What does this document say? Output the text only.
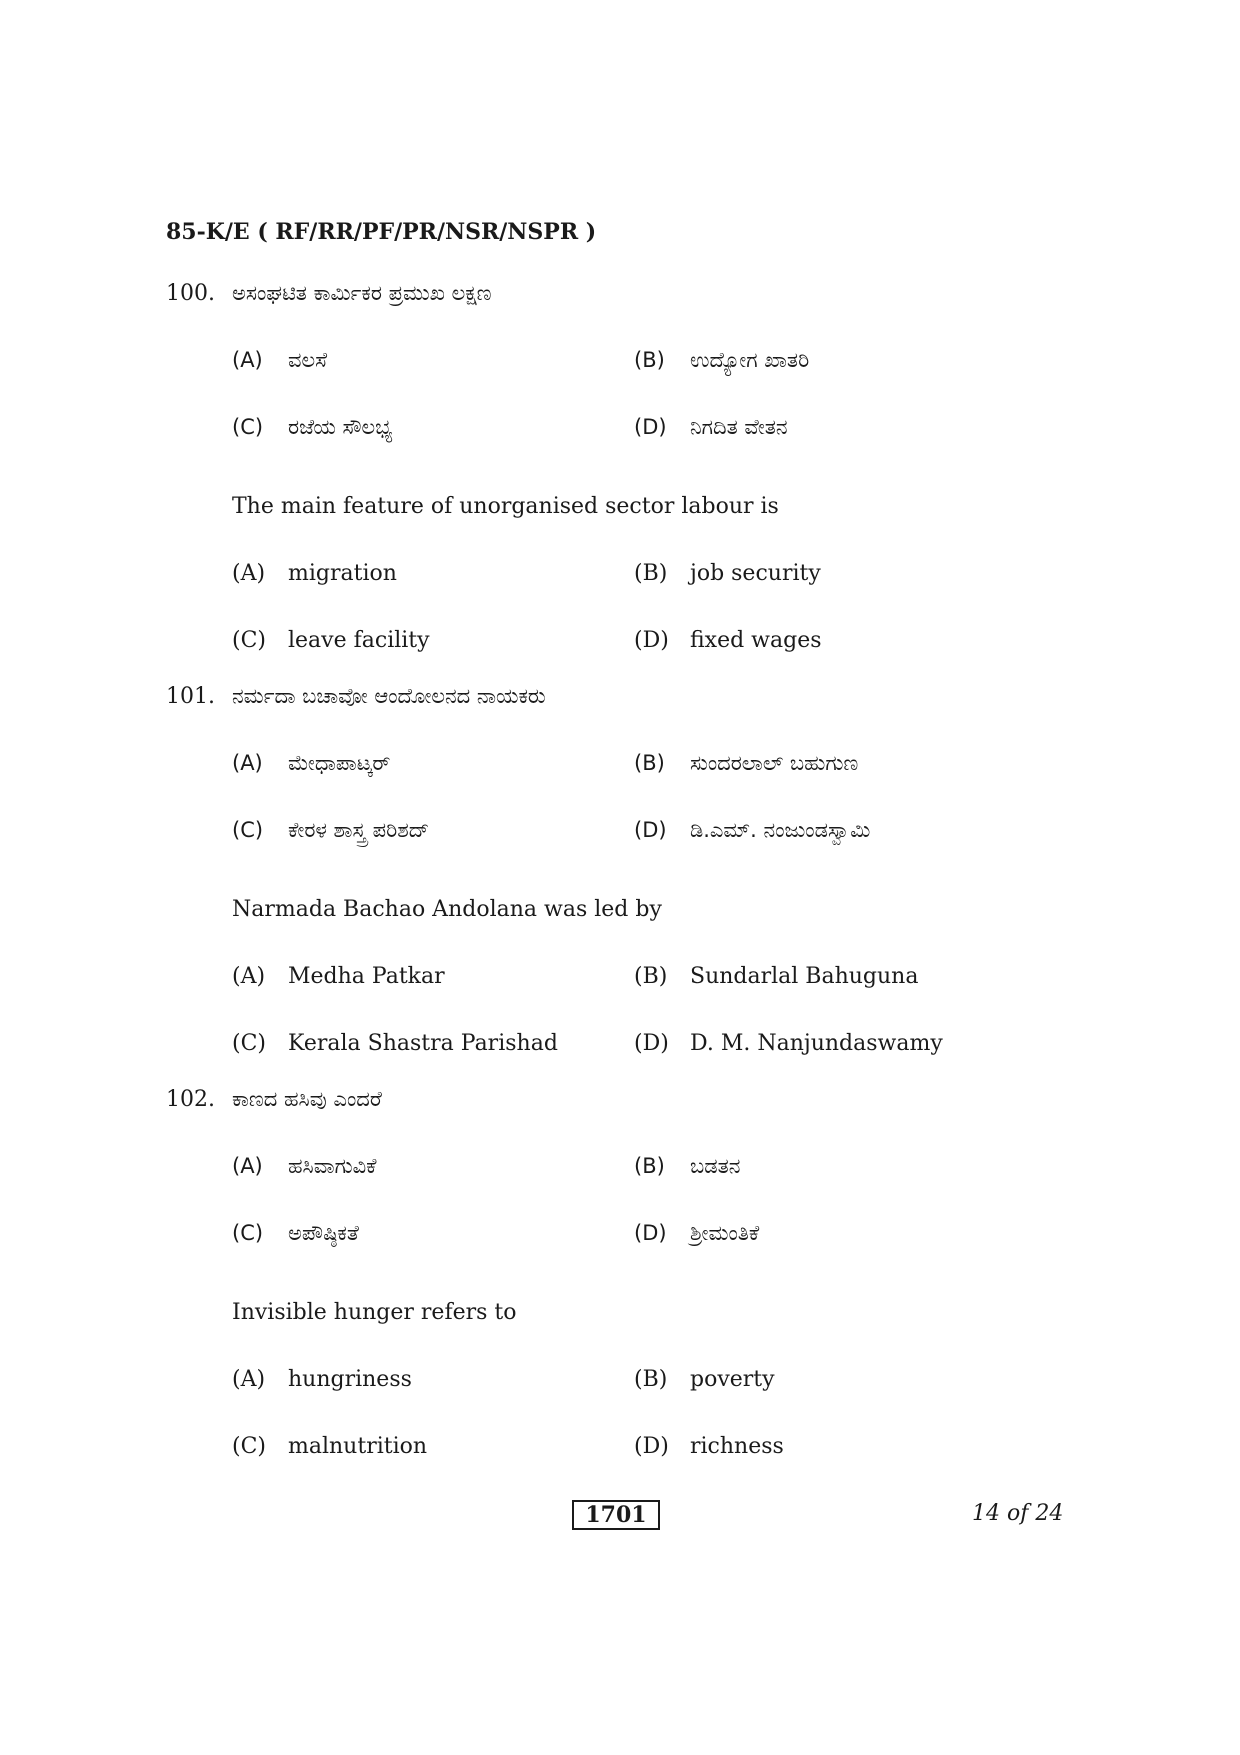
85-K/E ( RF/RR/PF/PR/NSR/NSPR )
100. ಅಸಂಘಟಿತ ಕಾರ್ಮಿಕರ ಪ್ರಮುಖ ಲಕ್ಷಣ
(A) ವಲಸೆ	(B) ಉದ್ಯೋಗ ಖಾತರಿ
(C) ರಜೆಯ ಸೌಲಭ್ಯ	(D) ನಿಗದಿತ ವೇತನ
The main feature of unorganised sector labour is
(A) migration	(B) job security
(C) leave facility	(D) fixed wages
101. ನರ್ಮದಾ ಬಚಾವೋ ಆಂದೋಲನದ ನಾಯಕರು
(A) ಮೇಧಾಪಾಟ್ಕರ್	(B) ಸುಂದರಲಾಲ್ ಬಹುಗುಣ
(C) ಕೇರಳ ಶಾಸ್ತ್ರ ಪರಿಶದ್	(D) ಡಿ.ಎಮ್. ನಂಜುಂಡಸ್ವಾಮಿ
Narmada Bachao Andolana was led by
(A) Medha Patkar	(B) Sundarlal Bahuguna
(C) Kerala Shastra Parishad	(D) D. M. Nanjundaswamy
102. ಕಾಣದ ಹಸಿವು ಎಂದರೆ
(A) ಹಸಿವಾಗುವಿಕೆ	(B) ಬಡತನ
(C) ಅಪೌಷ್ಠಿಕತೆ	(D) ಶ್ರೀಮಂತಿಕೆ
Invisible hunger refers to
(A) hungriness	(B) poverty
(C) malnutrition	(D) richness
1701	14 of 24
